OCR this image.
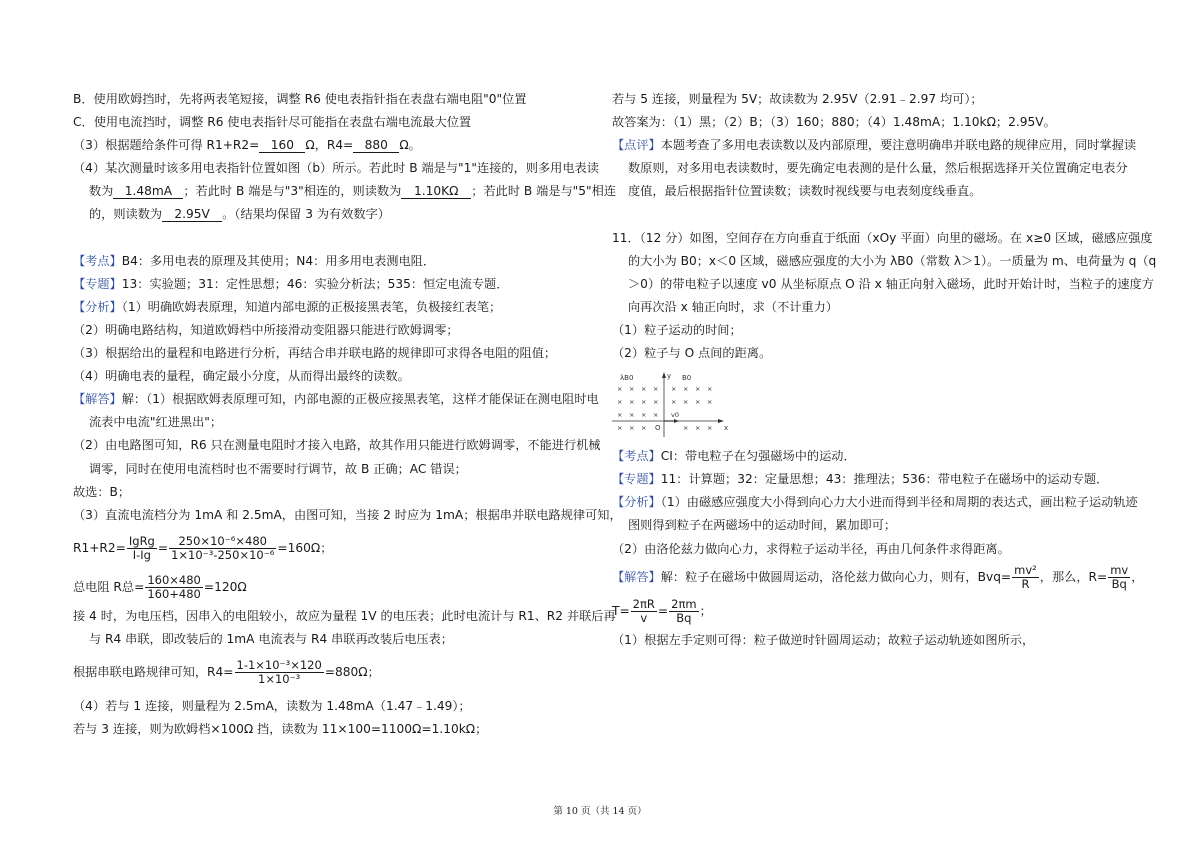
B．使用欧姆挡时，先将两表笔短接，调整 R6 使电表指针指在表盘右端电阻"0"位置
C．使用电流挡时，调整 R6 使电表指针尽可能指在表盘右端电流最大位置
（3）根据题给条件可得 R1+R2= 160 Ω，R4= 880 Ω。
（4）某次测量时该多用电表指针位置如图（b）所示。若此时 B 端是与"1"连接的，则多用电表读
数为 1.48mA ；若此时 B 端是与"3"相连的，则读数为 1.10KΩ ；若此时 B 端是与"5"相连
的，则读数为 2.95V 。（结果均保留 3 为有效数字）
【考点】B4：多用电表的原理及其使用；N4：用多用电表测电阻．
【专题】13：实验题；31：定性思想；46：实验分析法；535：恒定电流专题．
【分析】（1）明确欧姆表原理，知道内部电源的正极接黑表笔，负极接红表笔；
（2）明确电路结构，知道欧姆档中所接滑动变阻器只能进行欧姆调零；
（3）根据给出的量程和电路进行分析，再结合串并联电路的规律即可求得各电阻的阻值；
（4）明确电表的量程，确定最小分度，从而得出最终的读数。
【解答】解：（1）根据欧姆表原理可知，内部电源的正极应接黑表笔，这样才能保证在测电阻时电
流表中电流"红进黑出"；
（2）由电路图可知，R6 只在测量电阻时才接入电路，故其作用只能进行欧姆调零，不能进行机械
调零，同时在使用电流档时也不需要时行调节，故 B 正确；AC 错误；
故选：B；
（3）直流电流档分为 1mA 和 2.5mA，由图可知，当接 2 时应为 1mA；根据串并联电路规律可知，
$R1+R2= \frac{\text{IgRg}}{I-Ig} = \frac{\text{250×10⁻⁶×480}}{\text{1×10⁻³-250×10⁻⁶}} =160\Omega$；
总电阻 R总= $\frac{160\times 480}{160+480} =120\Omega$
接 4 时，为电压档，因串入的电阻较小，故应为量程 1V 的电压表；此时电流计与 R1、R2 并联后再
与 R4 串联，即改装后的 1mA 电流表与 R4 串联再改装后电压表；
根据串联电路规律可知，$R4= \frac{\text{1-1×10⁻³×120}}{\text{1×10⁻³}} =880\Omega$；
（4）若与 1 连接，则量程为 2.5mA，读数为 1.48mA（1.47﹣1.49）；
若与 3 连接，则为欧姆档×100Ω 挡，读数为 11×100=1100Ω=1.10kΩ；
若与 5 连接，则量程为 5V；故读数为 2.95V（2.91﹣2.97 均可）；
故答案为：（1）黑；（2）B；（3）160；880；（4）1.48mA；1.10kΩ；2.95V。
【点评】本题考查了多用电表读数以及内部原理，要注意明确串并联电路的规律应用，同时掌握读
数原则，对多用电表读数时，要先确定电表测的是什么量，然后根据选择开关位置确定电表分
度值，最后根据指针位置读数；读数时视线要与电表刻度线垂直。
11．（12 分）如图，空间存在方向垂直于纸面（xOy 平面）向里的磁场。在 x≥0 区域，磁感应强度
的大小为 B0；x＜0 区域，磁感应强度的大小为 λB0（常数 λ＞1）。一质量为 m、电荷量为 q（q
＞0）的带电粒子以速度 v0 从坐标原点 O 沿 x 轴正向射入磁场，此时开始计时，当粒子的速度方
向再次沿 x 轴正向时，求（不计重力）
（1）粒子运动的时间；
（2）粒子与 O 点间的距离。
× × × ×
× × × ×
× × × ×
× × ×
× × × ×
× × × ×
× × ×
λB0	B0
y
x
O
v0
【考点】CI：带电粒子在匀强磁场中的运动．
【专题】11：计算题；32：定量思想；43：推理法；536：带电粒子在磁场中的运动专题．
【分析】（1）由磁感应强度大小得到向心力大小进而得到半径和周期的表达式，画出粒子运动轨迹
图则得到粒子在两磁场中的运动时间，累加即可；
（2）由洛伦兹力做向心力，求得粒子运动半径，再由几何条件求得距离。
【解答】 解：粒子在磁场中做圆周运动，洛伦兹力做向心力，则有，$Bvq= \frac{\text{mv²}}{R}$ ，那么，$R= \frac{mv}{Bq}$ ，
$T= \frac{2\pi R}{v} = \frac{2\pi m}{Bq}$ ；
（1）根据左手定则可得：粒子做逆时针圆周运动；故粒子运动轨迹如图所示，
第 10 页（共 14 页）
